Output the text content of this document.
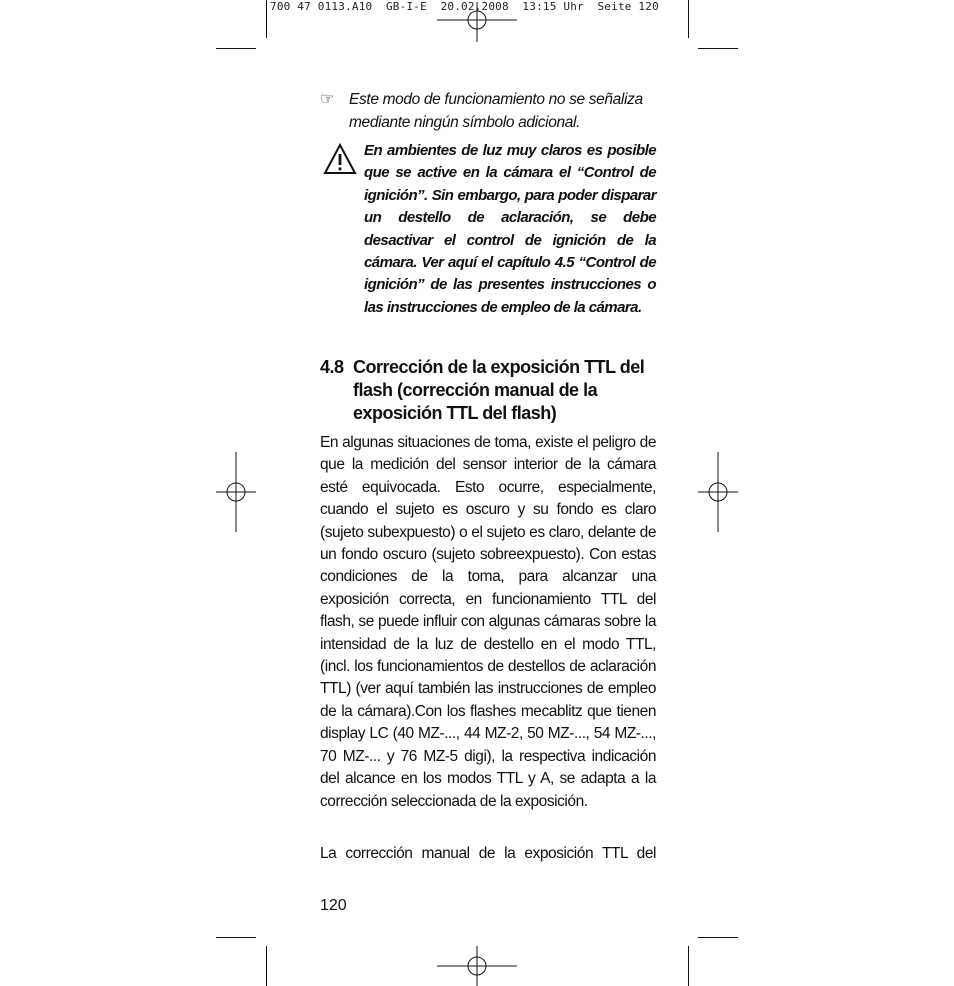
700 47 0113.A10  GB-I-E  20.02.2008  13:15 Uhr  Seite 120
☞ Este modo de funcionamiento no se señaliza mediante ningún símbolo adicional.
En ambientes de luz muy claros es posible que se active en la cámara el “Control de ignición”. Sin embargo, para poder disparar un destello de aclaración, se debe desactivar el control de ignición de la cámara. Ver aquí el capítulo 4.5 “Control de ignición” de las presentes instrucciones o las instrucciones de empleo de la cámara.
4.8 Corrección de la exposición TTL del flash (corrección manual de la exposición TTL del flash)
En algunas situaciones de toma, existe el peligro de que la medición del sensor interior de la cámara esté equivocada. Esto ocurre, especialmente, cuando el sujeto es oscuro y su fondo es claro (sujeto subexpuesto) o el sujeto es claro, delante de un fondo oscuro (sujeto sobreexpuesto). Con estas condiciones de la toma, para alcanzar una exposición correcta, en funcionamiento TTL del flash, se puede influir con algunas cámaras sobre la intensidad de la luz de destello en el modo TTL, (incl. los funcionamientos de destellos de aclaración TTL) (ver aquí también las instrucciones de empleo de la cámara).Con los flashes mecablitz que tienen display LC (40 MZ-..., 44 MZ-2, 50 MZ-..., 54 MZ-..., 70 MZ-... y 76 MZ-5 digi), la respectiva indicación del alcance en los modos TTL y A, se adapta a la corrección seleccionada de la exposición.
La corrección manual de la exposición TTL del
120
